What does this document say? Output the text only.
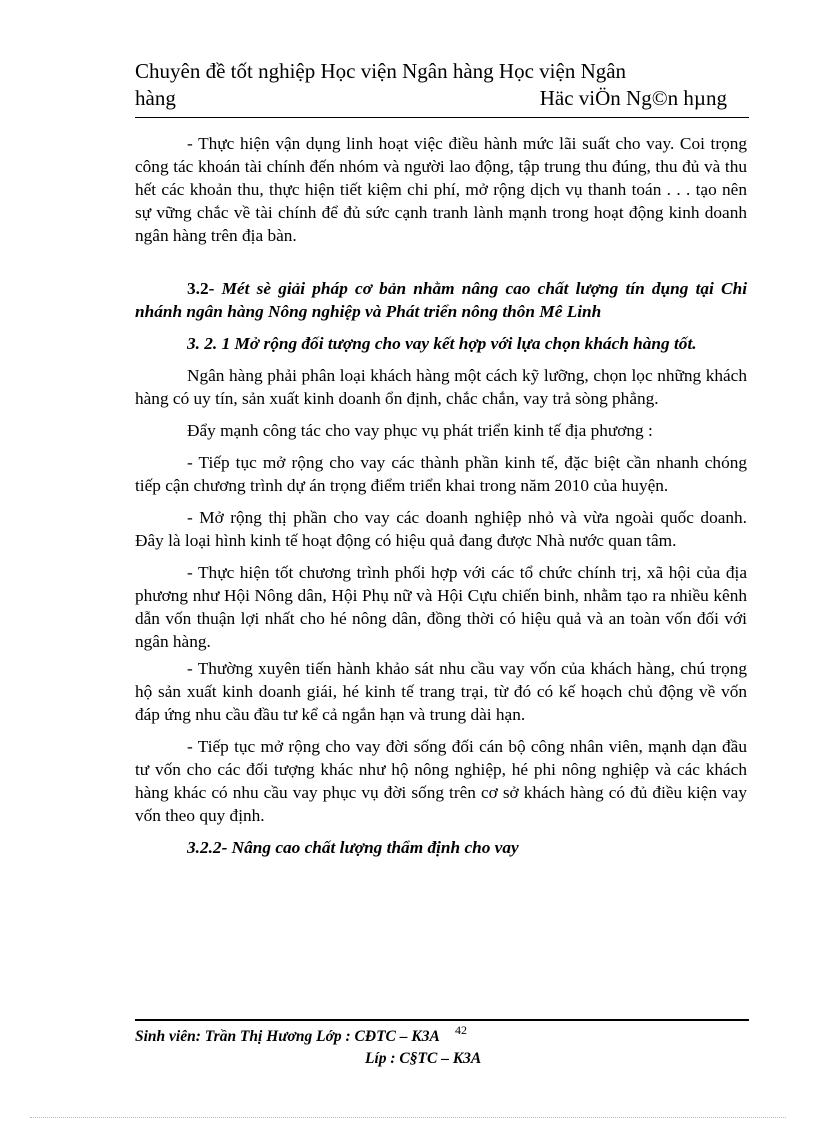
Chuyên đề tốt nghiệp Học viện Ngân hàng Học viện Ngân
hàng	Häc viÖn Ng©n hµng

- Thực hiện vận dụng linh hoạt việc điều hành mức lãi suất cho vay. Coi trọng công tác khoán tài chính đến nhóm và người lao động, tập trung thu đúng, thu đủ và thu hết các khoản thu, thực hiện tiết kiệm chi phí, mở rộng dịch vụ thanh toán . . . tạo nên sự vững chắc về tài chính để đủ sức cạnh tranh lành mạnh trong hoạt động kinh doanh ngân hàng trên địa bàn.

3.2- Mét sè giải pháp cơ bản nhằm nâng cao chất lượng tín dụng tại Chi nhánh ngân hàng Nông nghiệp và Phát triển nông thôn Mê Linh

3. 2. 1 Mở rộng đối tượng cho vay kết hợp với lựa chọn khách hàng tốt.

Ngân hàng phải phân loại khách hàng một cách kỹ lưỡng, chọn lọc những khách hàng có uy tín, sản xuất kinh doanh ổn định, chắc chắn, vay trả sòng phẳng.

Đẩy mạnh công tác cho vay phục vụ phát triển kinh tế địa phương :

- Tiếp tục mở rộng cho vay các thành phần kinh tế, đặc biệt cần nhanh chóng tiếp cận chương trình dự án trọng điểm triển khai trong năm 2010 của huyện.

- Mở rộng thị phần cho vay các doanh nghiệp nhỏ và vừa ngoài quốc doanh. Đây là loại hình kinh tế hoạt động có hiệu quả đang được Nhà nước quan tâm.

- Thực hiện tốt chương trình phối hợp với các tổ chức chính trị, xã hội của địa phương như Hội Nông dân, Hội Phụ nữ và Hội Cựu chiến binh, nhằm tạo ra nhiều kênh dẫn vốn thuận lợi nhất cho hé nông dân, đồng thời có hiệu quả và an toàn vốn đối với ngân hàng.

- Thường xuyên tiến hành khảo sát nhu cầu vay vốn của khách hàng, chú trọng hộ sản xuất kinh doanh giái, hé kinh tế trang trại, từ đó có kế hoạch chủ động về vốn đáp ứng nhu cầu đầu tư kể cả ngắn hạn và trung dài hạn.

- Tiếp tục mở rộng cho vay đời sống đối cán bộ công nhân viên, mạnh dạn đầu tư vốn cho các đối tượng khác như hộ nông nghiệp, hé phi nông nghiệp và các khách hàng khác có nhu cầu vay phục vụ đời sống trên cơ sở khách hàng có đủ điều kiện vay vốn theo quy định.

3.2.2- Nâng cao chất lượng thẩm định cho vay

Sinh viên: Trần Thị Hương Lớp : CĐTC – K3A
Líp : C§TC – K3A
42
